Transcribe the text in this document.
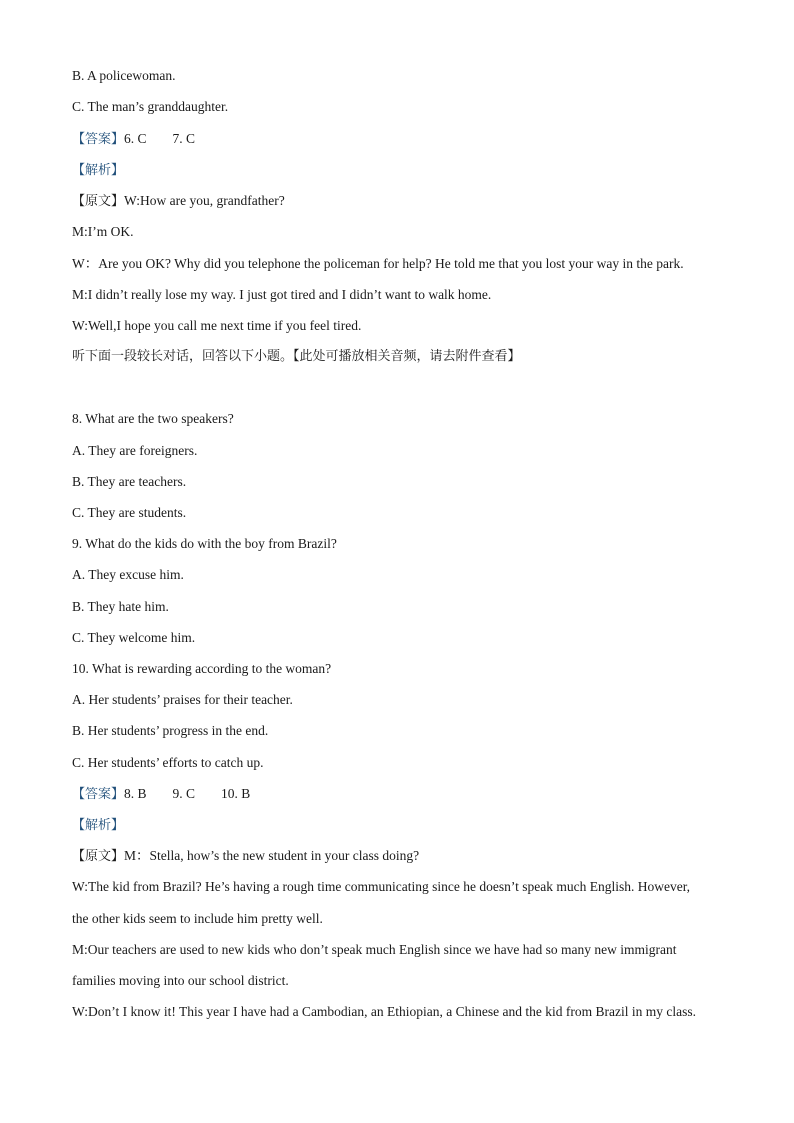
B. A policewoman.
C. The man’s granddaughter.
【答案】6. C 7. C
【解析】
【原文】W:How are you, grandfather?
M:I’m OK.
W：Are you OK? Why did you telephone the policeman for help? He told me that you lost your way in the park.
M:I didn’t really lose my way. I just got tired and I didn’t want to walk home.
W:Well,I hope you call me next time if you feel tired.
听下面一段较长对话，回答以下小题。【此处可播放相关音频，请去附件查看】
8. What are the two speakers?
A. They are foreigners.
B. They are teachers.
C. They are students.
9. What do the kids do with the boy from Brazil?
A. They excuse him.
B. They hate him.
C. They welcome him.
10. What is rewarding according to the woman?
A. Her students’ praises for their teacher.
B. Her students’ progress in the end.
C. Her students’ efforts to catch up.
【答案】8. B 9. C 10. B
【解析】
【原文】M：Stella, how’s the new student in your class doing?
W:The kid from Brazil? He’s having a rough time communicating since he doesn’t speak much English. However,
the other kids seem to include him pretty well.
M:Our teachers are used to new kids who don’t speak much English since we have had so many new immigrant
families moving into our school district.
W:Don’t I know it! This year I have had a Cambodian, an Ethiopian, a Chinese and the kid from Brazil in my class.
